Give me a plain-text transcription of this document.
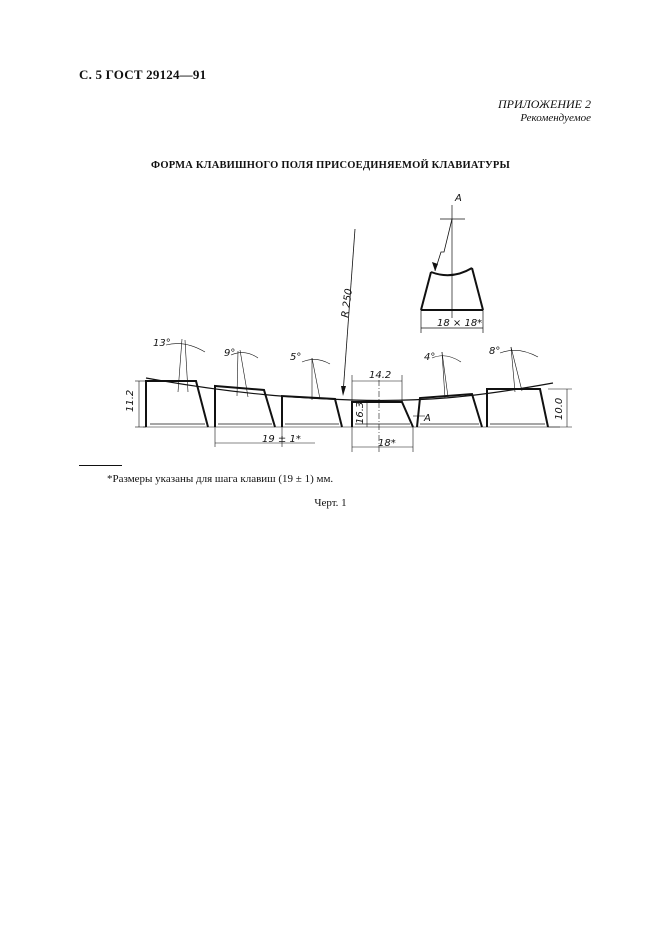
С. 5 ГОСТ 29124—91
ПРИЛОЖЕНИЕ 2
Рекомендуемое
ФОРМА КЛАВИШНОГО ПОЛЯ ПРИСОЕДИНЯЕМОЙ КЛАВИАТУРЫ
А
18 × 18*
R 250
13°
9°	5°	4°
8°
11.2	10.0
14.2
16.3
19 ± 1*	18*
А
*Размеры указаны для шага клавиш (19 ± 1) мм.
Черт. 1
